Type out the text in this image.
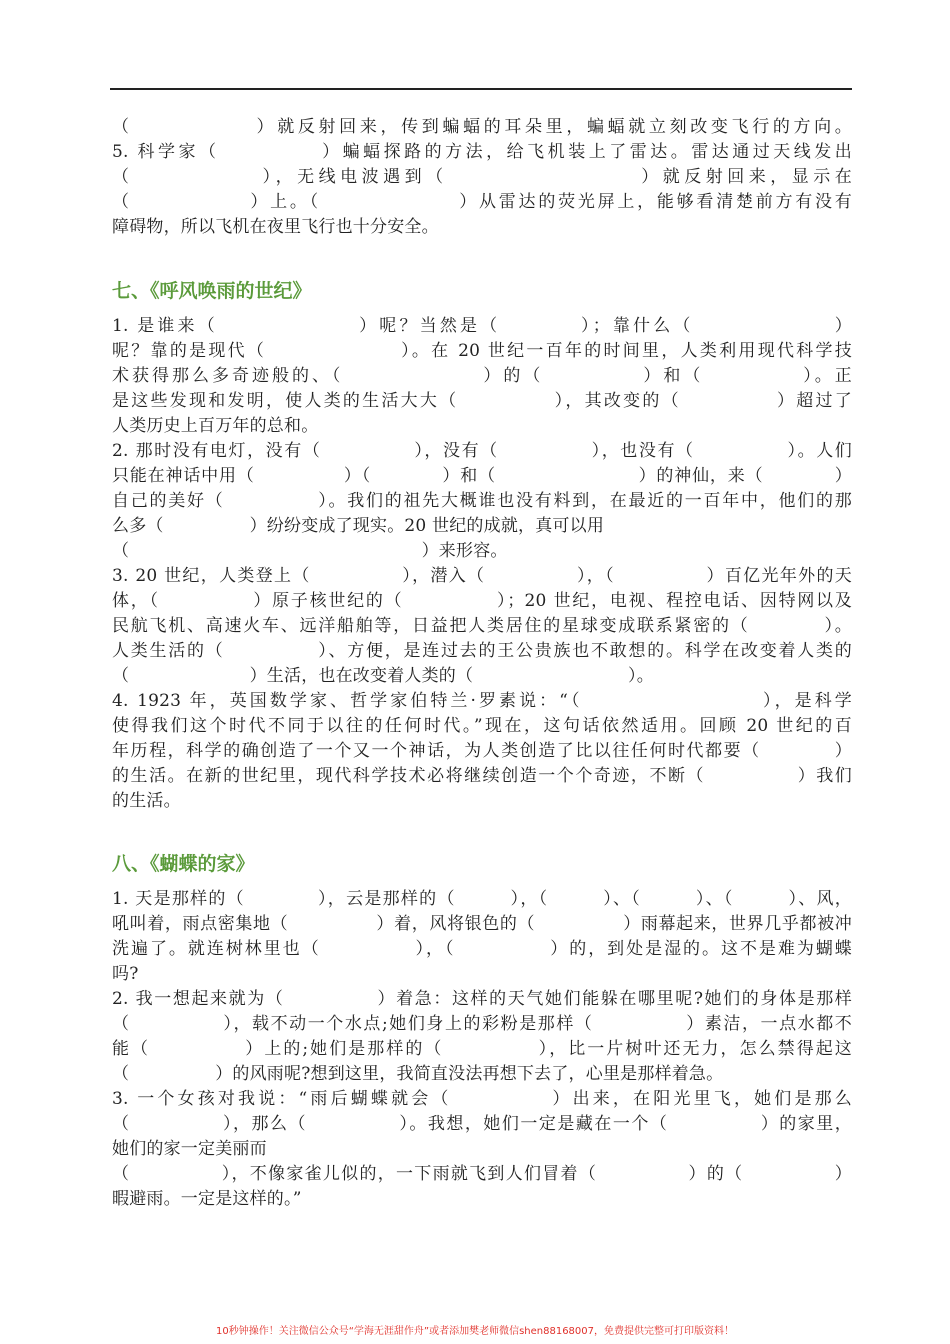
（　　　　　　）就反射回来，传到蝙蝠的耳朵里，蝙蝠就立刻改变飞行的方向。
5. 科学家（　　　　　）蝙蝠探路的方法，给飞机装上了雷达。雷达通过天线发出
（　　　　　　），无线电波遇到（　　　　　　　　　）就反射回来，显示在
（　　　　　　）上。（　　　　　　　）从雷达的荧光屏上，能够看清楚前方有没有
障碍物，所以飞机在夜里飞行也十分安全。
七、《呼风唤雨的世纪》
1. 是谁来（　　　　　　　）呢？当然是（　　　　）；靠什么（　　　　　　　）
呢？靠的是现代（　　　　　　　）。在 20 世纪一百年的时间里，人类利用现代科学技
术获得那么多奇迹般的、（　　　　　　　）的（　　　　　）和（　　　　　）。正
是这些发现和发明，使人类的生活大大（　　　　　），其改变的（　　　　　）超过了
人类历史上百万年的总和。
2. 那时没有电灯，没有（　　　　　），没有（　　　　　），也没有（　　　　　）。人们
只能在神话中用（　　　　　）（　　　　）和（　　　　　　　　）的神仙，来（　　　　）
自己的美好（　　　　　）。我们的祖先大概谁也没有料到，在最近的一百年中，他们的那
么多（　　　　　）纷纷变成了现实。20 世纪的成就，真可以用
（　　　　　　　　　　　　　　　　　）来形容。
3. 20 世纪，人类登上（　　　　　），潜入（　　　　　），（　　　　　）百亿光年外的天
体，（　　　　　）原子核世纪的（　　　　　）；20 世纪，电视、程控电话、因特网以及
民航飞机、高速火车、远洋船舶等，日益把人类居住的星球变成联系紧密的（　　　　）。
人类生活的（　　　　　）、方便，是连过去的王公贵族也不敢想的。科学在改变着人类的
（　　　　　　　）生活，也在改变着人类的（　　　　　　　　　）。
4. 1923 年，英国数学家、哲学家伯特兰·罗素说：“（　　　　　　　　　），是科学
使得我们这个时代不同于以往的任何时代。”现在，这句话依然适用。回顾 20 世纪的百
年历程，科学的确创造了一个又一个神话，为人类创造了比以往任何时代都要（　　　　）
的生活。在新的世纪里，现代科学技术必将继续创造一个个奇迹，不断（　　　　　）我们
的生活。
八、《蝴蝶的家》
1. 天是那样的（　　　　），云是那样的（　　　），（　　　）、（　　　）、（　　　）、风，
吼叫着，雨点密集地（　　　　　）着，风将银色的（　　　　　）雨幕起来，世界几乎都被冲
洗遍了。就连树林里也（　　　　　），（　　　　　）的，到处是湿的。这不是难为蝴蝶
吗?
2. 我一想起来就为（　　　　　）着急：这样的天气她们能躲在哪里呢?她们的身体是那样
（　　　　　），载不动一个水点;她们身上的彩粉是那样（　　　　　）素洁，一点水都不
能（　　　　　）上的;她们是那样的（　　　　　），比一片树叶还无力，怎么禁得起这
（　　　　　）的风雨呢?想到这里，我简直没法再想下去了，心里是那样着急。
3. 一个女孩对我说：“雨后蝴蝶就会（　　　　　）出来，在阳光里飞，她们是那么
（　　　　　），那么（　　　　　）。我想，她们一定是藏在一个（　　　　　）的家里，
她们的家一定美丽而
（　　　　　），不像家雀儿似的，一下雨就飞到人们冒着（　　　　　）的（　　　　　）
暇避雨。一定是这样的。”
10秒钟操作！关注微信公众号“学海无涯甜作舟”或者添加樊老师微信shen88168007，免费提供完整可打印版资料！
